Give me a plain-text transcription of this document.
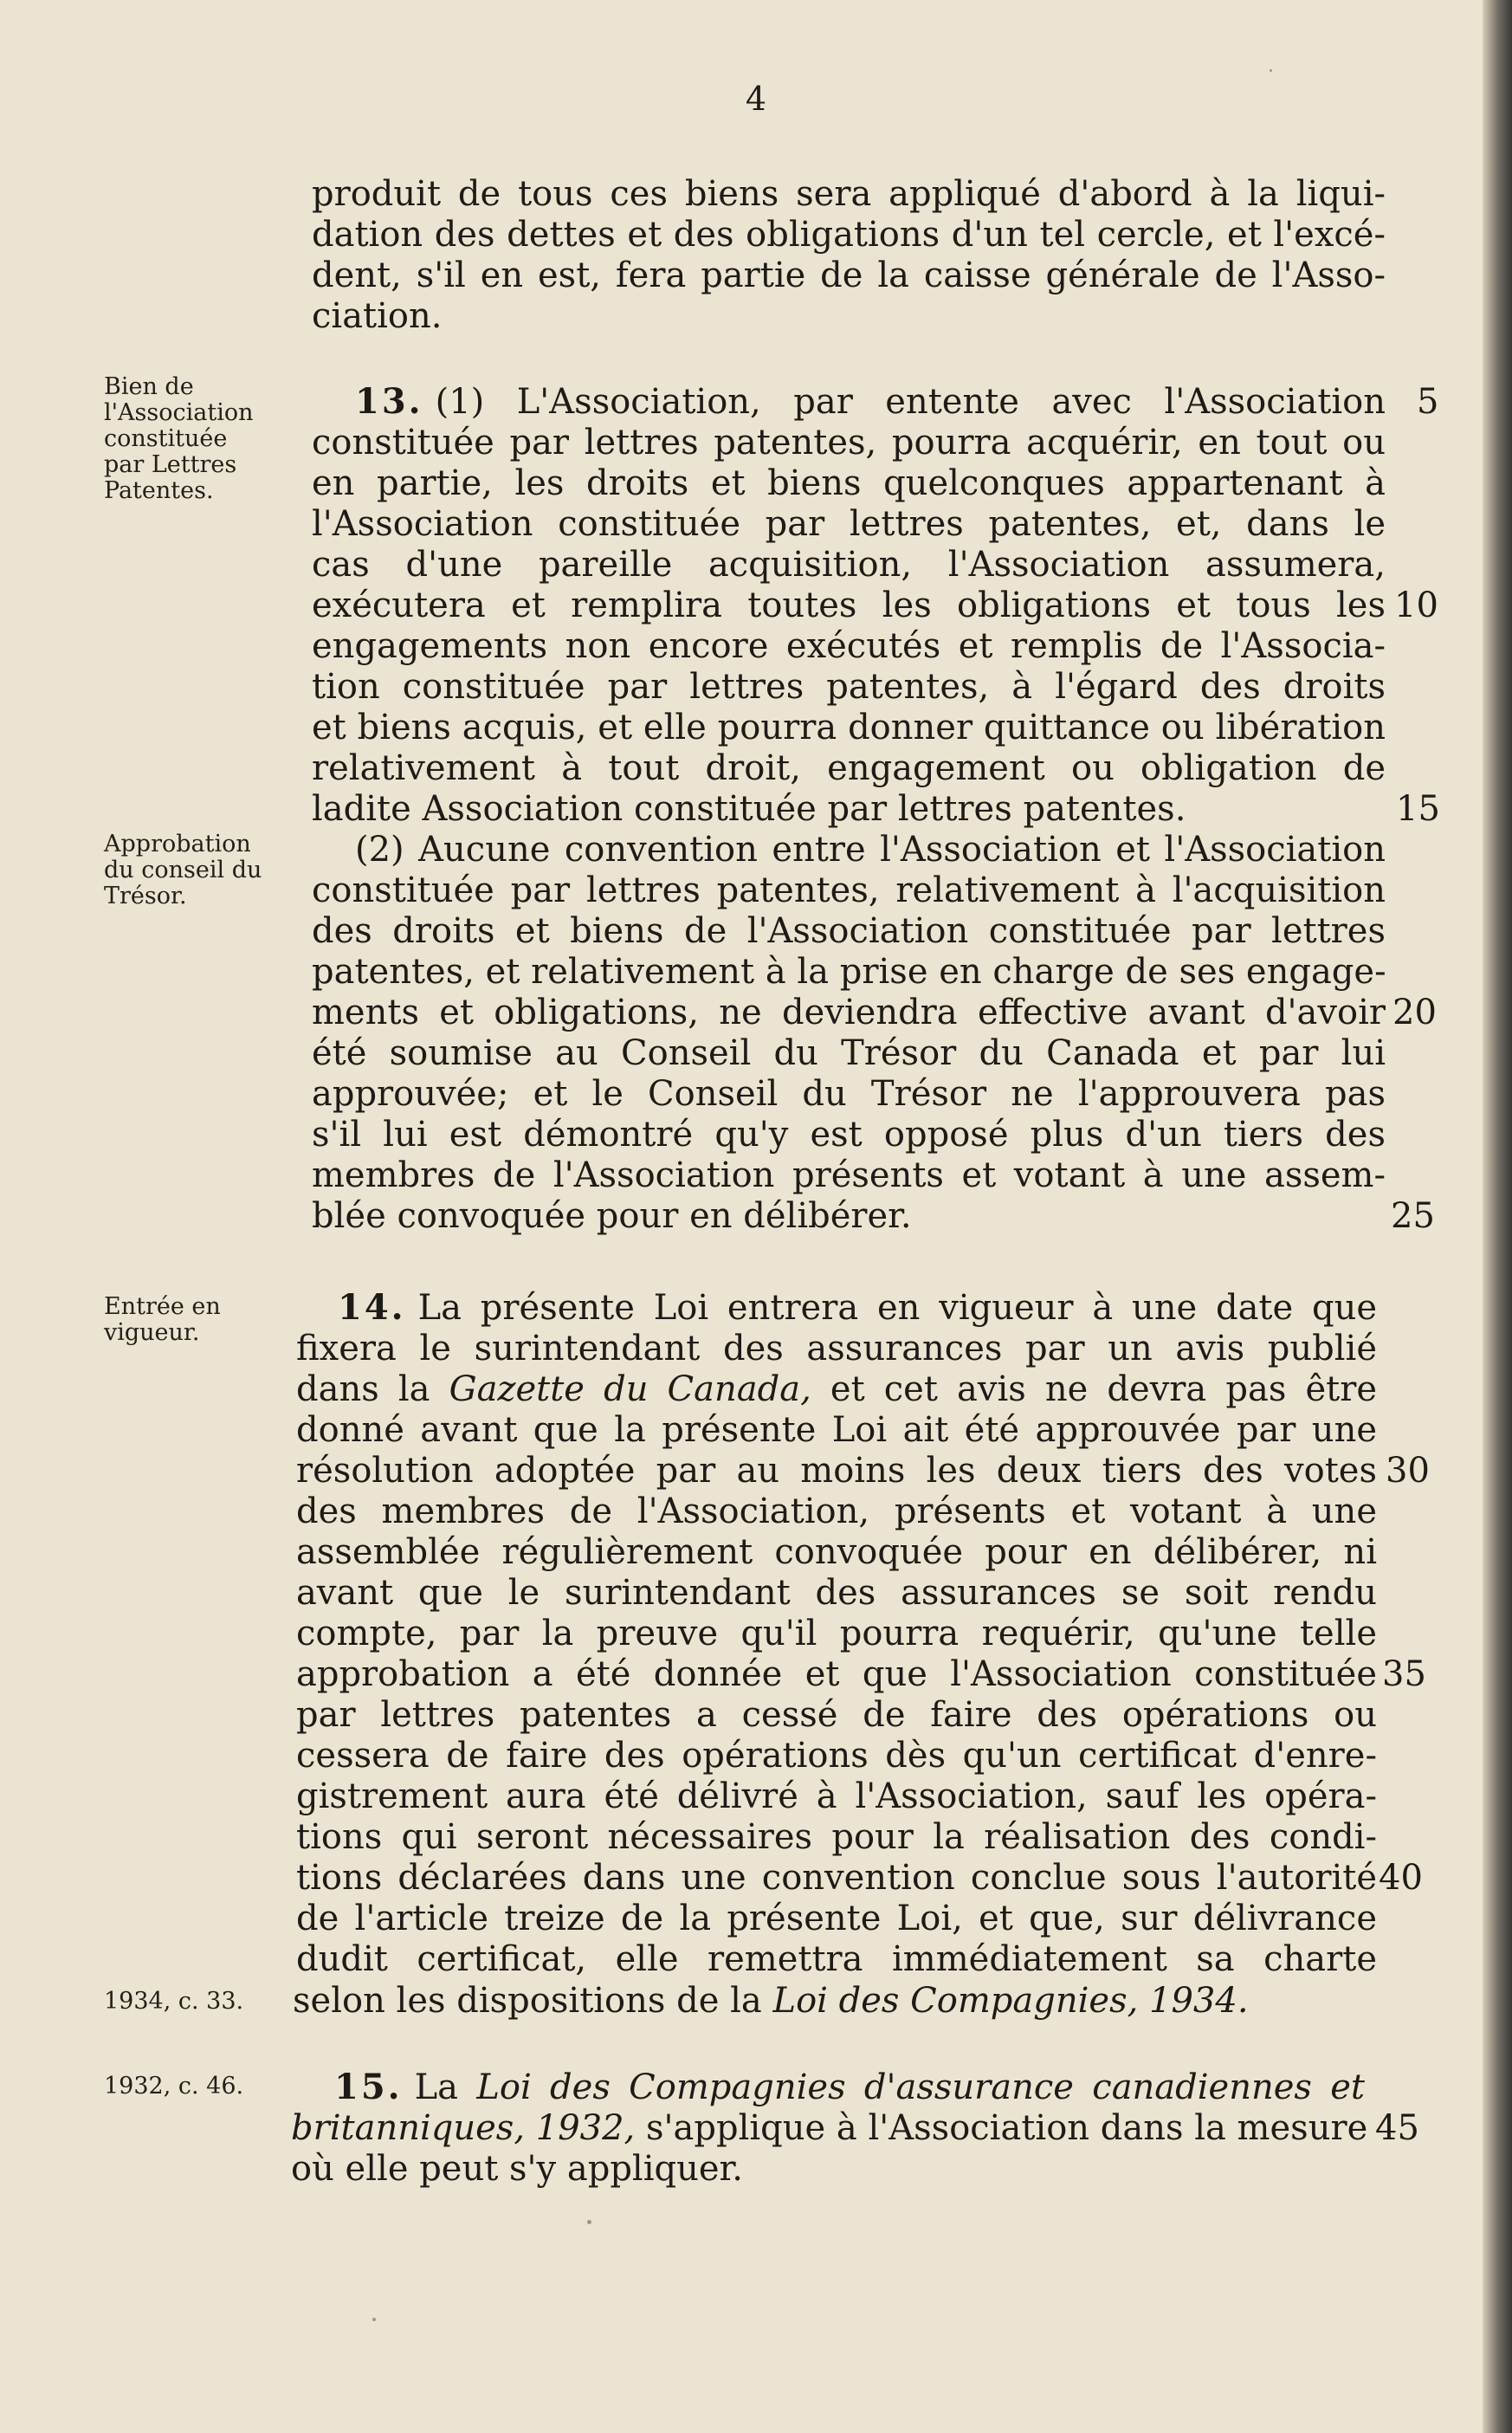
4
Bien de
l'Association
constituée
par Lettres
Patentes.
Approbation
du conseil du
Trésor.
Entrée en
vigueur.
1934, c. 33.
1932, c. 46.
produit de tous ces biens sera appliqué d'abord à la liqui-
dation des dettes et des obligations d'un tel cercle, et l'excé-
dent, s'il en est, fera partie de la caisse générale de l'Asso-
ciation.
13. (1) L'Association, par entente avec l'Association
constituée par lettres patentes, pourra acquérir, en tout ou
en partie, les droits et biens quelconques appartenant à
l'Association constituée par lettres patentes, et, dans le
cas d'une pareille acquisition, l'Association assumera,
exécutera et remplira toutes les obligations et tous les
engagements non encore exécutés et remplis de l'Associa-
tion constituée par lettres patentes, à l'égard des droits
et biens acquis, et elle pourra donner quittance ou libération
relativement à tout droit, engagement ou obligation de
ladite Association constituée par lettres patentes.
(2) Aucune convention entre l'Association et l'Association
constituée par lettres patentes, relativement à l'acquisition
des droits et biens de l'Association constituée par lettres
patentes, et relativement à la prise en charge de ses engage-
ments et obligations, ne deviendra effective avant d'avoir
été soumise au Conseil du Trésor du Canada et par lui
approuvée; et le Conseil du Trésor ne l'approuvera pas
s'il lui est démontré qu'y est opposé plus d'un tiers des
membres de l'Association présents et votant à une assem-
blée convoquée pour en délibérer.
14. La présente Loi entrera en vigueur à une date que
fixera le surintendant des assurances par un avis publié
dans la Gazette du Canada, et cet avis ne devra pas être
donné avant que la présente Loi ait été approuvée par une
résolution adoptée par au moins les deux tiers des votes
des membres de l'Association, présents et votant à une
assemblée régulièrement convoquée pour en délibérer, ni
avant que le surintendant des assurances se soit rendu
compte, par la preuve qu'il pourra requérir, qu'une telle
approbation a été donnée et que l'Association constituée
par lettres patentes a cessé de faire des opérations ou
cessera de faire des opérations dès qu'un certificat d'enre-
gistrement aura été délivré à l'Association, sauf les opéra-
tions qui seront nécessaires pour la réalisation des condi-
tions déclarées dans une convention conclue sous l'autorité
de l'article treize de la présente Loi, et que, sur délivrance
dudit certificat, elle remettra immédiatement sa charte
selon les dispositions de la Loi des Compagnies, 1934.
15. La Loi des Compagnies d'assurance canadiennes et
britanniques, 1932, s'applique à l'Association dans la mesure
où elle peut s'y appliquer.
5
10
15
20
25
30
35
40
45
